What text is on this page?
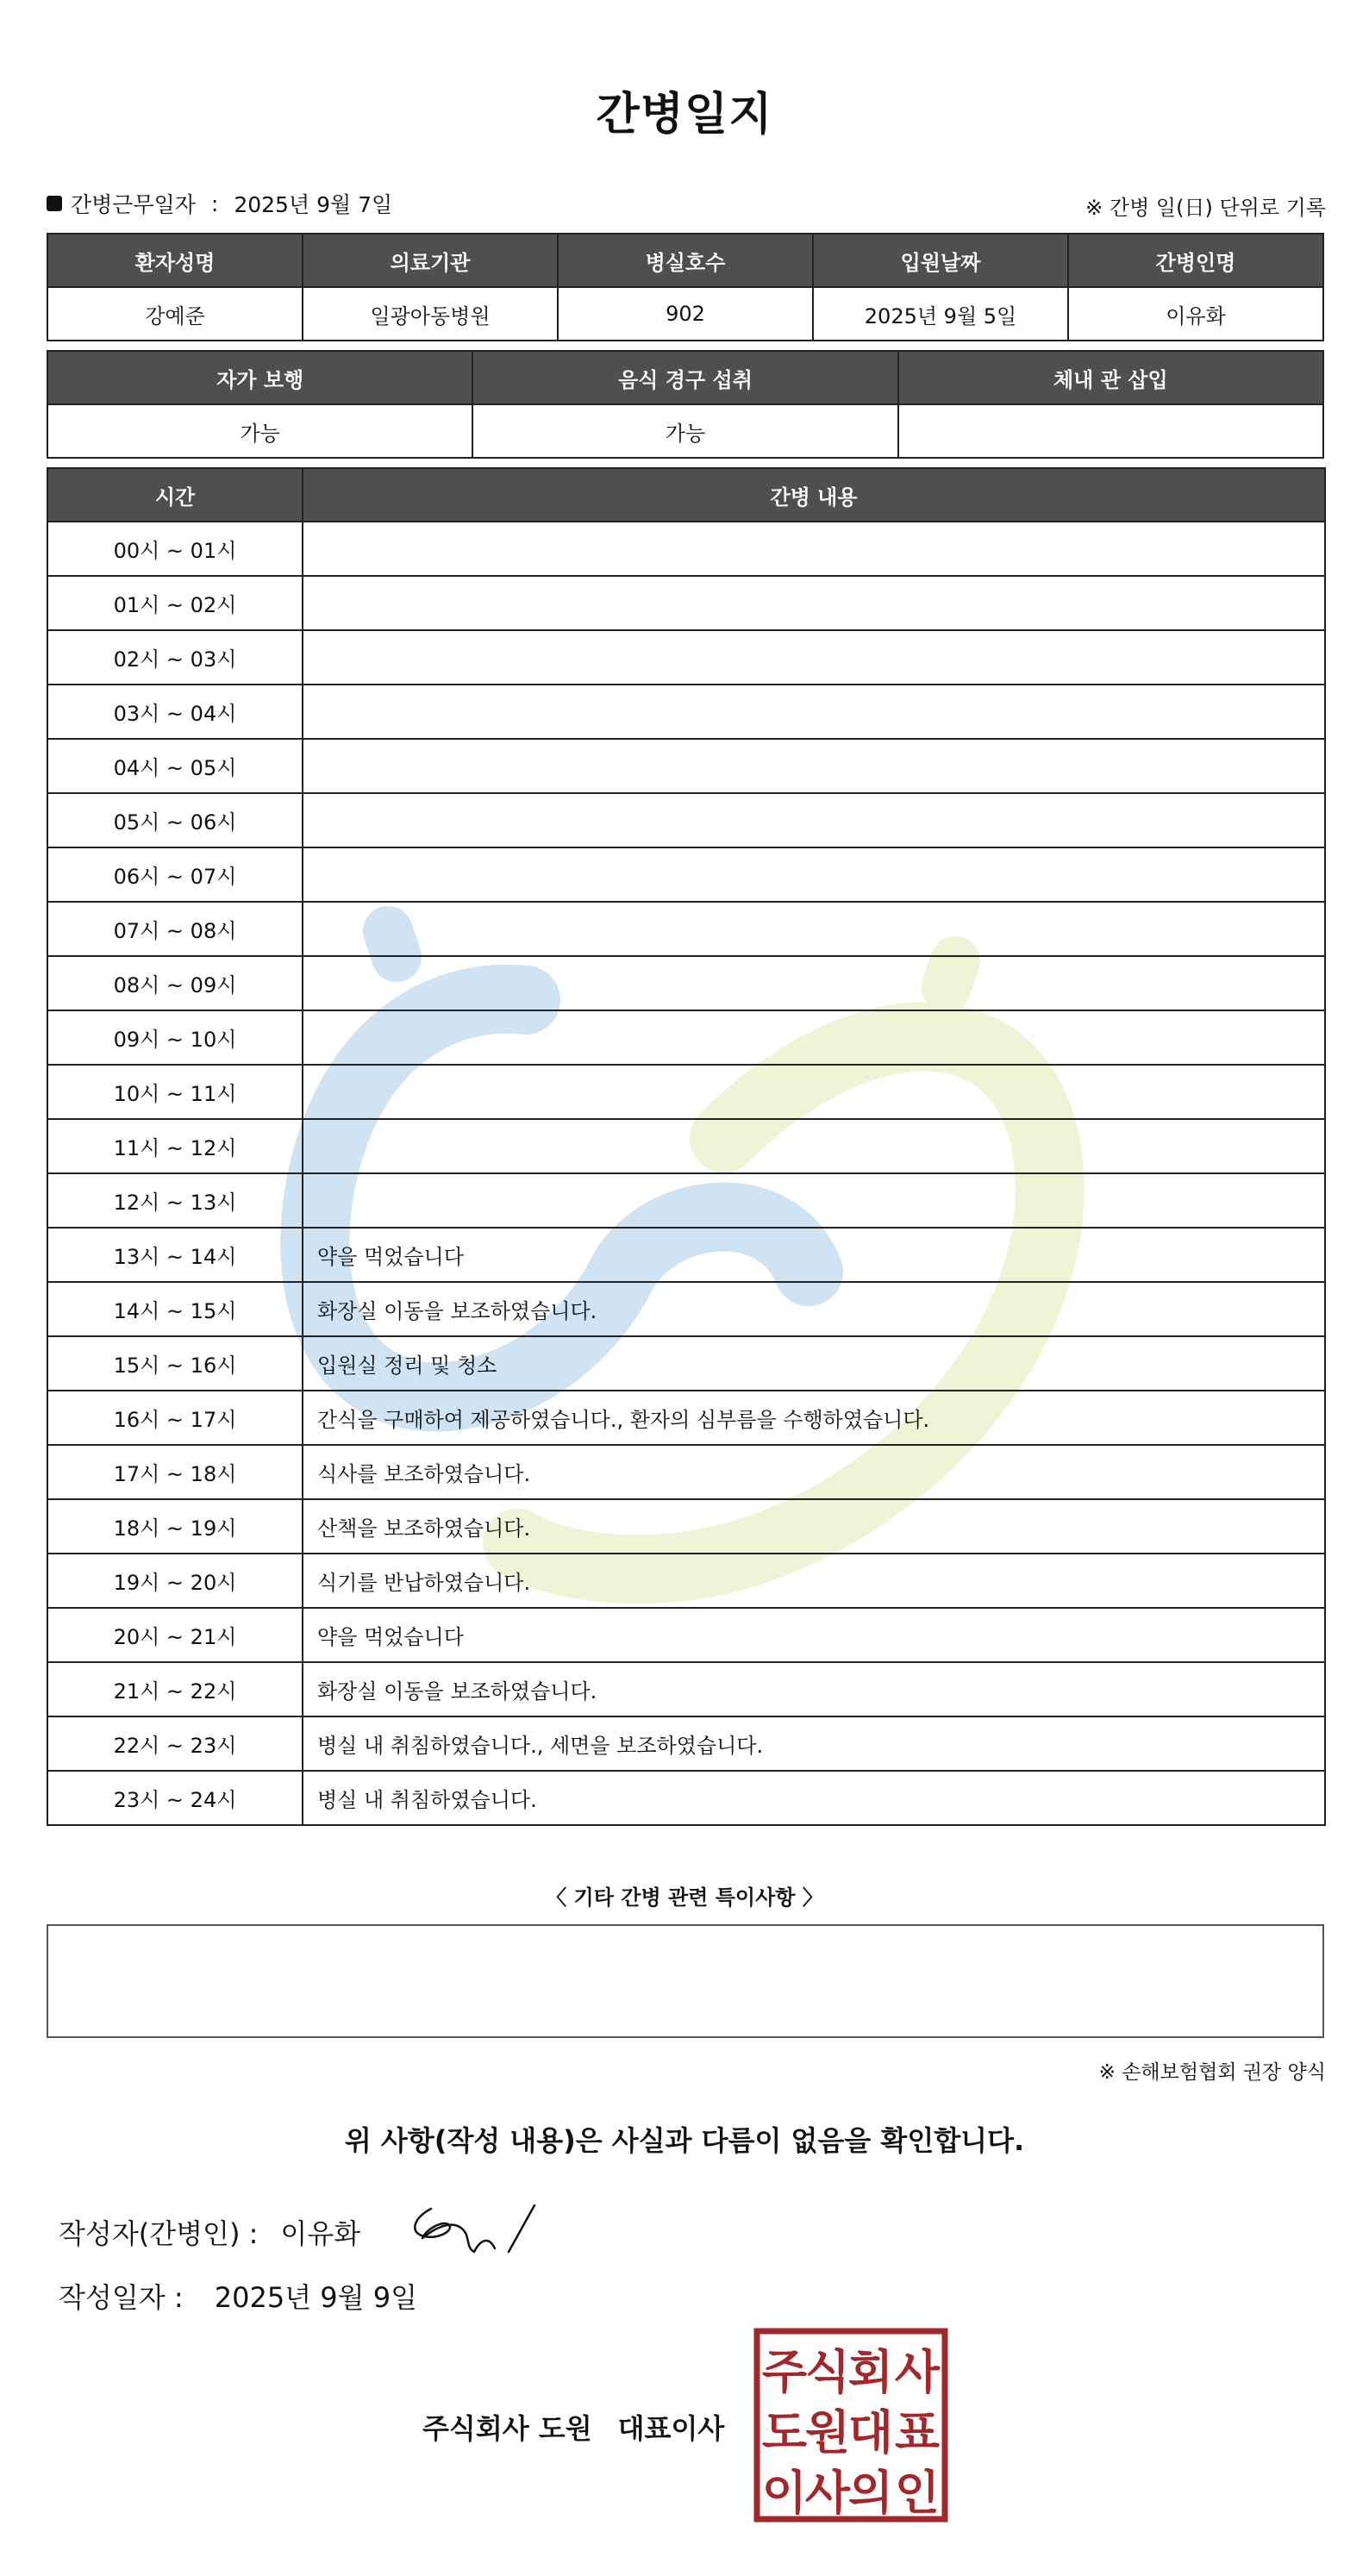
간병일지
간병근무일자 : 2025년 9월 7일	※ 간병 일(日) 단위로 기록
환자성명	의료기관	병실호수	입원날짜	간병인명
강예준	일광아동병원	902	2025년 9월 5일	이유화
자가 보행	음식 경구 섭취	체내 관 삽입
가능	가능	
시간	간병 내용
00시 ~ 01시	
01시 ~ 02시	
02시 ~ 03시	
03시 ~ 04시	
04시 ~ 05시	
05시 ~ 06시	
06시 ~ 07시	
07시 ~ 08시	
08시 ~ 09시	
09시 ~ 10시	
10시 ~ 11시	
11시 ~ 12시	
12시 ~ 13시	
13시 ~ 14시	약을 먹었습니다
14시 ~ 15시	화장실 이동을 보조하였습니다.
15시 ~ 16시	입원실 정리 및 청소
16시 ~ 17시	간식을 구매하여 제공하였습니다., 환자의 심부름을 수행하였습니다.
17시 ~ 18시	식사를 보조하였습니다.
18시 ~ 19시	산책을 보조하였습니다.
19시 ~ 20시	식기를 반납하였습니다.
20시 ~ 21시	약을 먹었습니다
21시 ~ 22시	화장실 이동을 보조하였습니다.
22시 ~ 23시	병실 내 취침하였습니다., 세면을 보조하였습니다.
23시 ~ 24시	병실 내 취침하였습니다.
〈 기타 간병 관련 특이사항 〉
※ 손해보험협회 권장 양식
위 사항(작성 내용)은 사실과 다름이 없음을 확인합니다.
작성자(간병인) : 이유화
작성일자 : 2025년 9월 9일
주식회사 도원 대표이사
주
식
회 사
도
원
대 표
이
사
의 인
